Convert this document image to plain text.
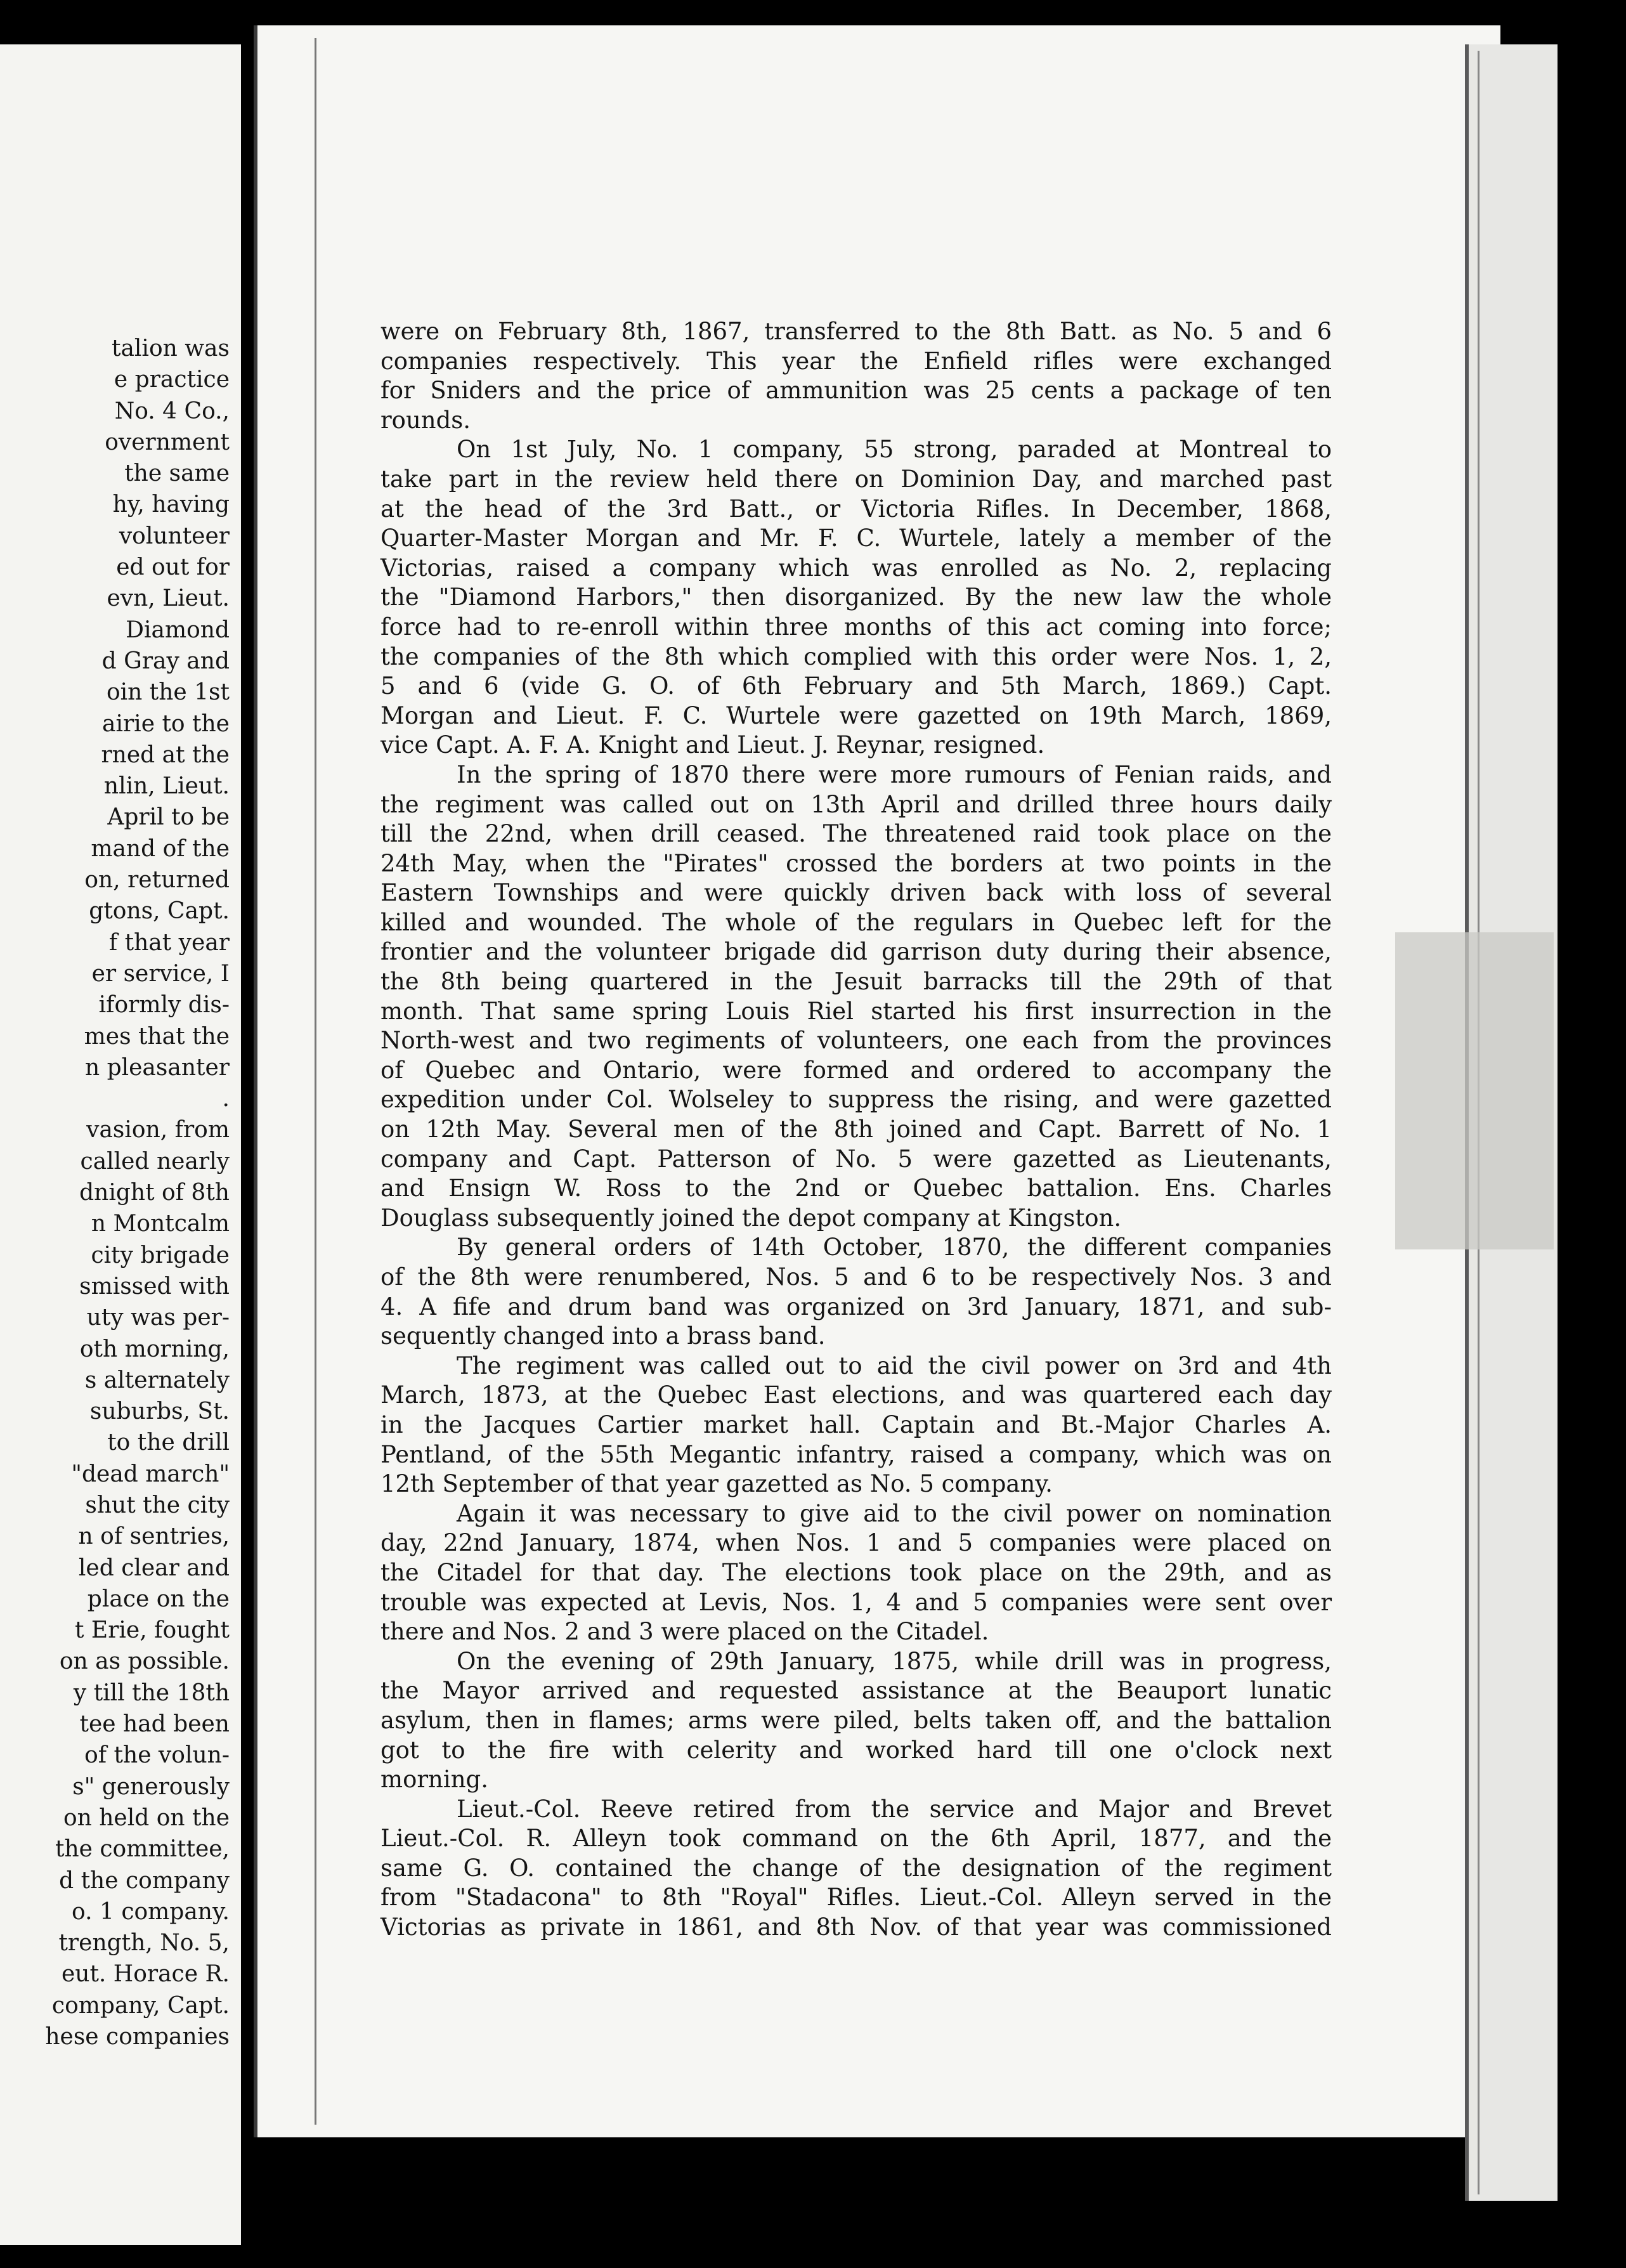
talion was
e practice
No. 4 Co.,
overnment
the same
hy, having
volunteer
ed out for
evn, Lieut.
Diamond
d Gray and
oin the 1st
airie to the
rned at the
nlin, Lieut.
April to be
mand of the
on, returned
gtons, Capt.
f that year
er service, I
iformly dis-
mes that the
n pleasanter
.
vasion, from
called nearly
dnight of 8th
n Montcalm
city brigade
smissed with
uty was per-
oth morning,
s alternately
suburbs, St.
to the drill
"dead march"
shut the city
n of sentries,
led clear and
place on the
t Erie, fought
on as possible.
y till the 18th
tee had been
of the volun-
s" generously
on held on the
the committee,
d the company
o. 1 company.
trength, No. 5,
eut. Horace R.
company, Capt.
hese companies
were on February 8th, 1867, transferred to the 8th Batt. as No. 5 and 6
companies respectively. This year the Enfield rifles were exchanged
for Sniders and the price of ammunition was 25 cents a package of ten
rounds.
On 1st July, No. 1 company, 55 strong, paraded at Montreal to
take part in the review held there on Dominion Day, and marched past
at the head of the 3rd Batt., or Victoria Rifles. In December, 1868,
Quarter-Master Morgan and Mr. F. C. Wurtele, lately a member of the
Victorias, raised a company which was enrolled as No. 2, replacing
the "Diamond Harbors," then disorganized. By the new law the whole
force had to re-enroll within three months of this act coming into force;
the companies of the 8th which complied with this order were Nos. 1, 2,
5 and 6 (vide G. O. of 6th February and 5th March, 1869.) Capt.
Morgan and Lieut. F. C. Wurtele were gazetted on 19th March, 1869,
vice Capt. A. F. A. Knight and Lieut. J. Reynar, resigned.
In the spring of 1870 there were more rumours of Fenian raids, and
the regiment was called out on 13th April and drilled three hours daily
till the 22nd, when drill ceased. The threatened raid took place on the
24th May, when the "Pirates" crossed the borders at two points in the
Eastern Townships and were quickly driven back with loss of several
killed and wounded. The whole of the regulars in Quebec left for the
frontier and the volunteer brigade did garrison duty during their absence,
the 8th being quartered in the Jesuit barracks till the 29th of that
month. That same spring Louis Riel started his first insurrection in the
North-west and two regiments of volunteers, one each from the provinces
of Quebec and Ontario, were formed and ordered to accompany the
expedition under Col. Wolseley to suppress the rising, and were gazetted
on 12th May. Several men of the 8th joined and Capt. Barrett of No. 1
company and Capt. Patterson of No. 5 were gazetted as Lieutenants,
and Ensign W. Ross to the 2nd or Quebec battalion. Ens. Charles
Douglass subsequently joined the depot company at Kingston.
By general orders of 14th October, 1870, the different companies
of the 8th were renumbered, Nos. 5 and 6 to be respectively Nos. 3 and
4. A fife and drum band was organized on 3rd January, 1871, and sub-
sequently changed into a brass band.
The regiment was called out to aid the civil power on 3rd and 4th
March, 1873, at the Quebec East elections, and was quartered each day
in the Jacques Cartier market hall. Captain and Bt.-Major Charles A.
Pentland, of the 55th Megantic infantry, raised a company, which was on
12th September of that year gazetted as No. 5 company.
Again it was necessary to give aid to the civil power on nomination
day, 22nd January, 1874, when Nos. 1 and 5 companies were placed on
the Citadel for that day. The elections took place on the 29th, and as
trouble was expected at Levis, Nos. 1, 4 and 5 companies were sent over
there and Nos. 2 and 3 were placed on the Citadel.
On the evening of 29th January, 1875, while drill was in progress,
the Mayor arrived and requested assistance at the Beauport lunatic
asylum, then in flames; arms were piled, belts taken off, and the battalion
got to the fire with celerity and worked hard till one o'clock next
morning.
Lieut.-Col. Reeve retired from the service and Major and Brevet
Lieut.-Col. R. Alleyn took command on the 6th April, 1877, and the
same G. O. contained the change of the designation of the regiment
from "Stadacona" to 8th "Royal" Rifles. Lieut.-Col. Alleyn served in the
Victorias as private in 1861, and 8th Nov. of that year was commissioned
